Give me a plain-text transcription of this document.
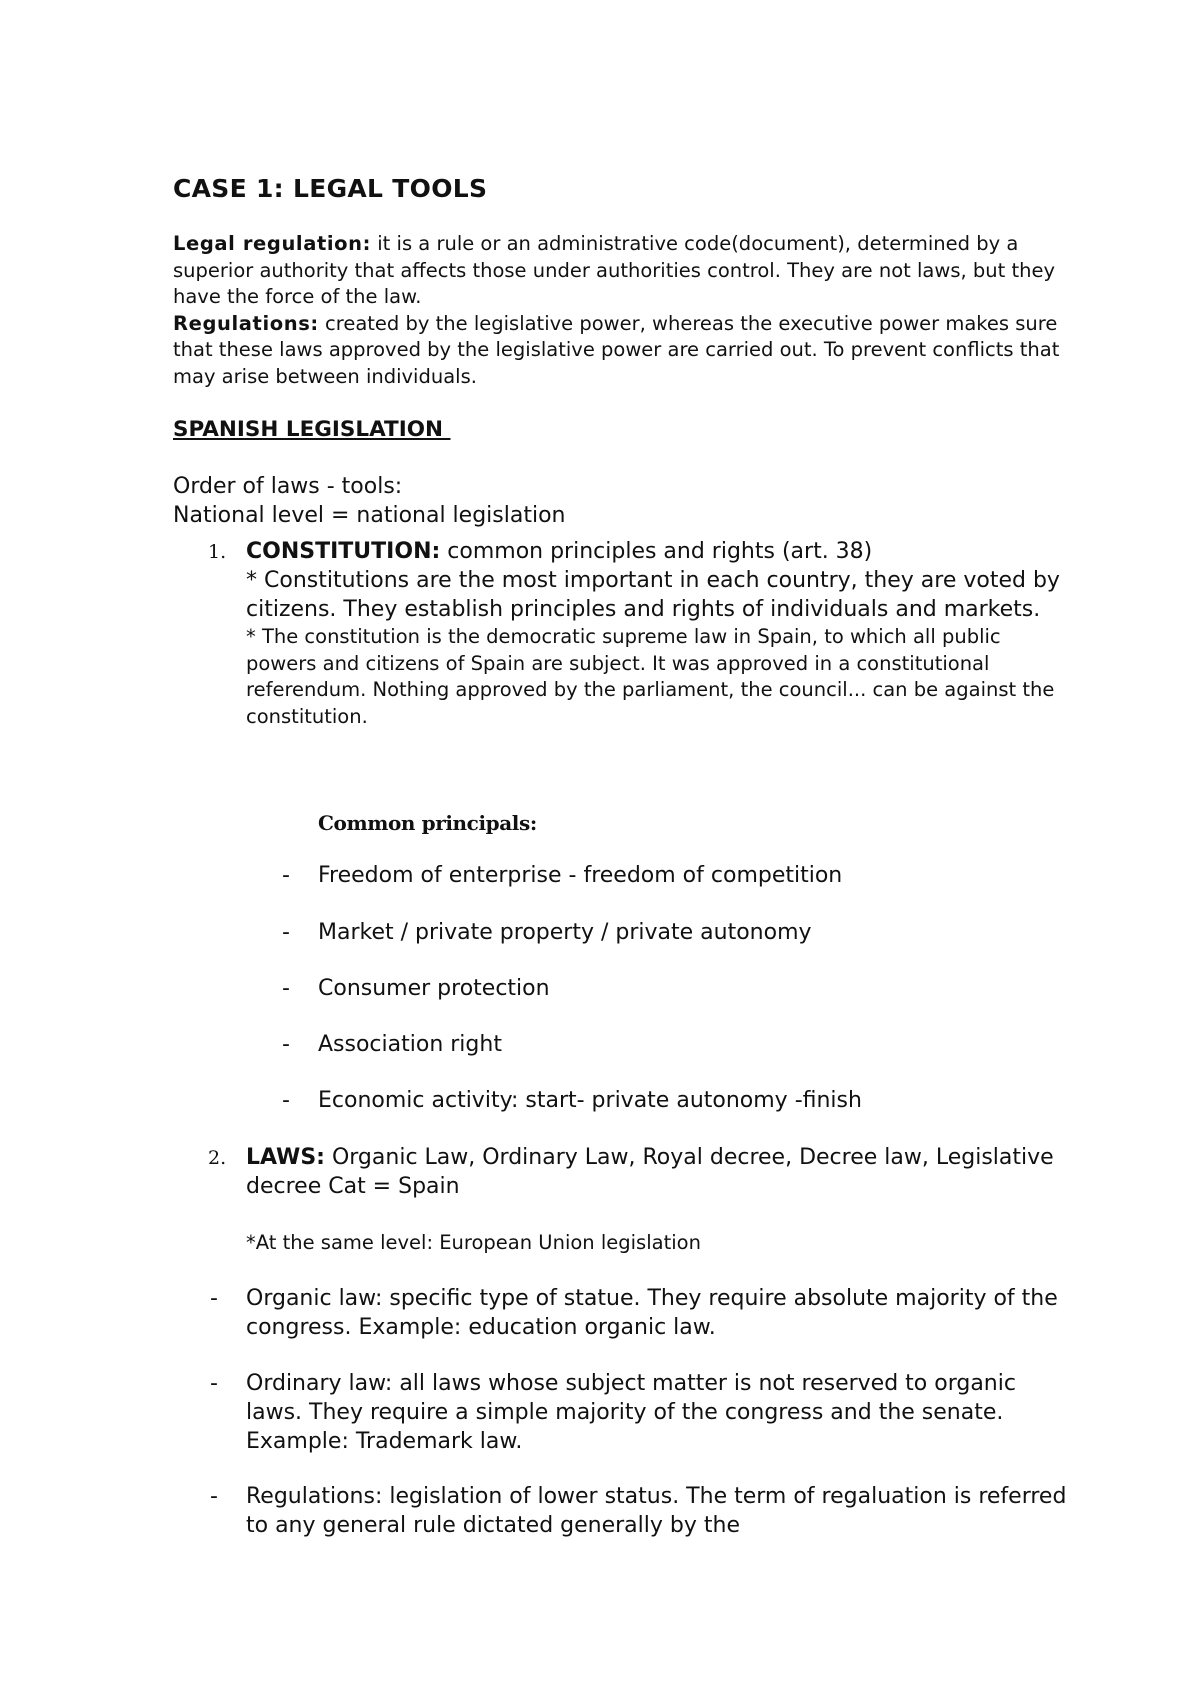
CASE 1: LEGAL TOOLS

Legal regulation: it is a rule or an administrative code(document), determined by a superior authority that affects those under authorities control. They are not laws, but they have the force of the law.
Regulations: created by the legislative power, whereas the executive power makes sure that these laws approved by the legislative power are carried out. To prevent conflicts that may arise between individuals.

SPANISH LEGISLATION

Order of laws - tools:
National level = national legislation

1. CONSTITUTION: common principles and rights (art. 38)
* Constitutions are the most important in each country, they are voted by citizens. They establish principles and rights of individuals and markets.
* The constitution is the democratic supreme law in Spain, to which all public powers and citizens of Spain are subject. It was approved in a constitutional referendum. Nothing approved by the parliament, the council... can be against the constitution.

Common principals:

- Freedom of enterprise - freedom of competition

- Market / private property / private autonomy

- Consumer protection

- Association right

- Economic activity: start- private autonomy -finish

2. LAWS: Organic Law, Ordinary Law, Royal decree, Decree law, Legislative decree Cat = Spain

*At the same level: European Union legislation

- Organic law: specific type of statue. They require absolute majority of the congress. Example: education organic law.
- Ordinary law: all laws whose subject matter is not reserved to organic laws. They require a simple majority of the congress and the senate. Example: Trademark law.
- Regulations: legislation of lower status. The term of regaluation is referred to any general rule dictated generally by the
